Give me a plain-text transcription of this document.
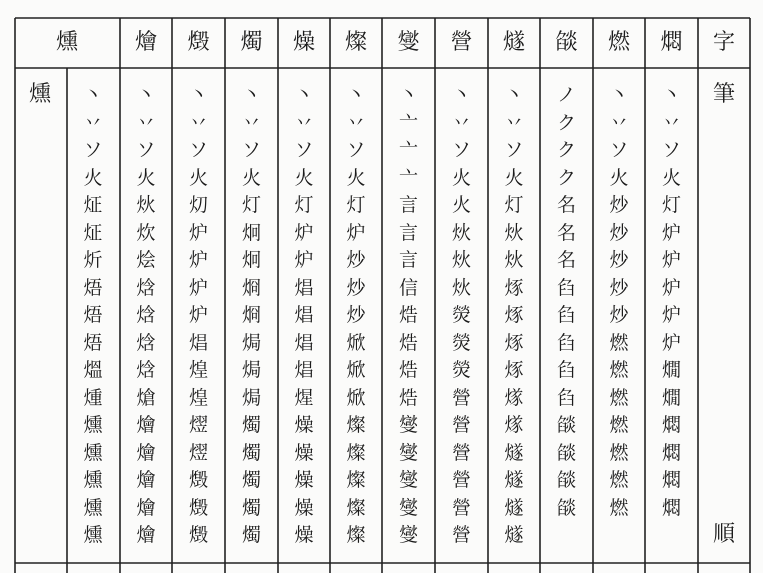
燻
燻	丶
丷
ソ
火
炡
炡
炘
焐
焐
焐
熅
煄
燻
燻
燻
燻
燻
燴
丶
丷
ソ
火
炏
炊
烩
焓
焓
焓
焓
熗
燴
燴
燴
燴
燴
燬
丶
丷
ソ
火
灱
炉
炉
炉
炉
焻
煌
煌
熤
熤
燬
燬
燬
燭
丶
丷
ソ
火
灯
炯
炯
烱
烱
焗
焗
焗
燭
燭
燭
燭
燭
燥
丶
丷
ソ
火
灯
炉
炉
焻
焻
焻
焻
煋
燥
燥
燥
燥
燥
燦
丶
丷
ソ
火
灯
炉
炒
炒
炒
焮
焮
焮
燦
燦
燦
燦
燦
燮
丶
亠
亠
亠
言
言
言
信
焅
焅
焅
焅
燮
燮
燮
燮
燮
營
丶
丷
ソ
火
火
炏
炏
炏
熒
熒
熒
營
營
營
營
營
營
燧
丶
丷
ソ
火
灯
炏
炏
烼
烼
烼
烼
煫
煫
燧
燧
燧
燧
燄
ノ
ク
ク
ク
名
名
名
臽
臽
臽
臽
臽
燄
燄
燄
燄
燃
丶
丷
ソ
火
炒
炒
炒
炒
炒
燃
燃
燃
燃
燃
燃
燃
燜
丶
丷
ソ
火
灯
炉
炉
炉
炉
炉
燗
燗
燜
燜
燜
燜
字
筆
順
